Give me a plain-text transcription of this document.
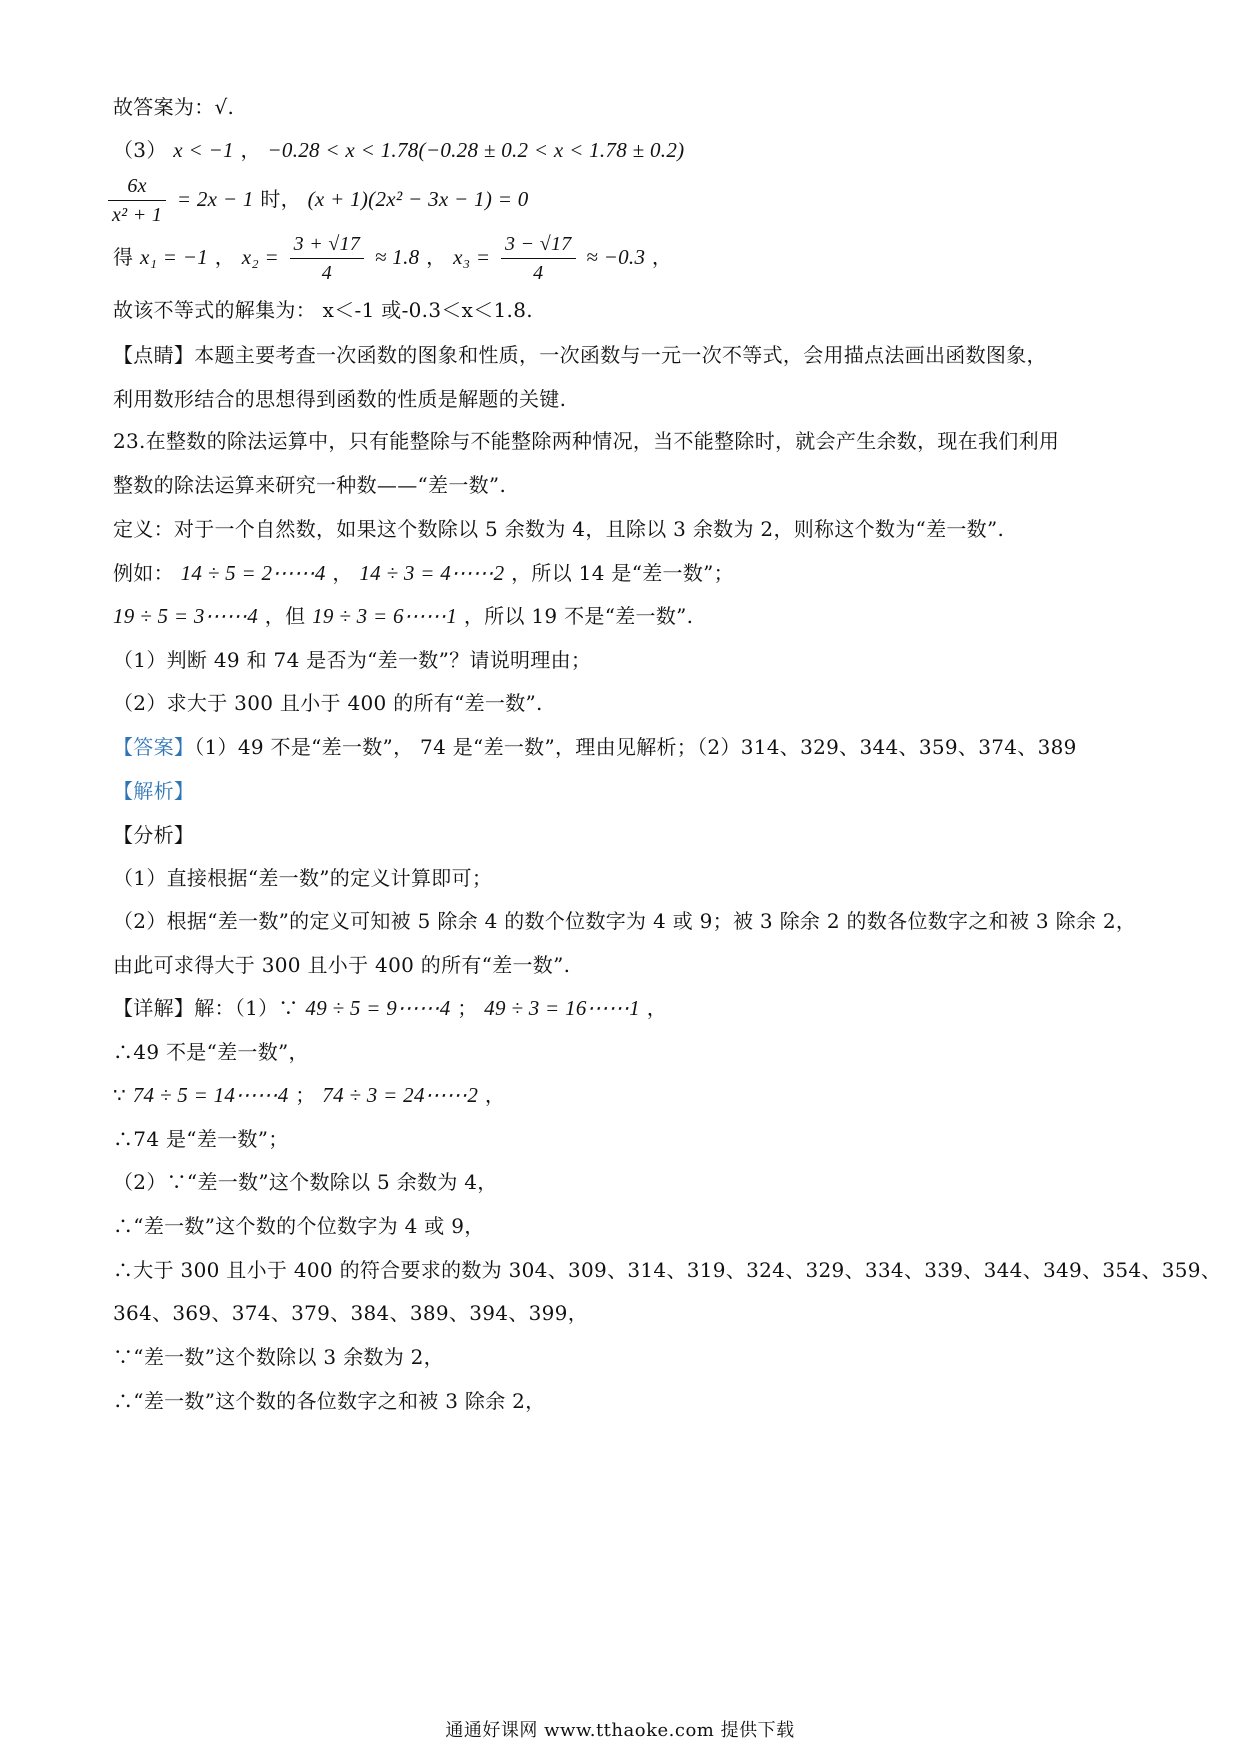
故答案为：√.
（3） x < −1 ， −0.28 < x < 1.78(−0.28 ± 0.2 < x < 1.78 ± 0.2)
$\frac{6x}{\text{x² + 1}} = 2x - 1$ 时， (x + 1)(2x² − 3x − 1) = 0
得 x₁ = −1 ， $x_2 = \frac{3 + √17}{4} \approx 1.8$ ， $x_3 = \frac{3 - √17}{4} \approx -0.3$ ，
故该不等式的解集为： x＜-1 或-0.3＜x＜1.8.
【点睛】本题主要考查一次函数的图象和性质，一次函数与一元一次不等式，会用描点法画出函数图象，
利用数形结合的思想得到函数的性质是解题的关键.
23.在整数的除法运算中，只有能整除与不能整除两种情况，当不能整除时，就会产生余数，现在我们利用
整数的除法运算来研究一种数——“差一数”.
定义：对于一个自然数，如果这个数除以 5 余数为 4，且除以 3 余数为 2，则称这个数为“差一数”.
例如： 14 ÷ 5 = 2⋯⋯4 ， 14 ÷ 3 = 4⋯⋯2 ，所以 14 是“差一数”；
19 ÷ 5 = 3⋯⋯4 ，但 19 ÷ 3 = 6⋯⋯1 ，所以 19 不是“差一数”.
（1）判断 49 和 74 是否为“差一数”？请说明理由；
（2）求大于 300 且小于 400 的所有“差一数”.
【答案】（1）49 不是“差一数”， 74 是“差一数”，理由见解析；（2）314、329、344、359、374、389
【解析】
【分析】
（1）直接根据“差一数”的定义计算即可；
（2）根据“差一数”的定义可知被 5 除余 4 的数个位数字为 4 或 9；被 3 除余 2 的数各位数字之和被 3 除余 2，
由此可求得大于 300 且小于 400 的所有“差一数”.
【详解】解：（1）∵ 49 ÷ 5 = 9⋯⋯4 ； 49 ÷ 3 = 16⋯⋯1 ，
∴49 不是“差一数”，
∵ 74 ÷ 5 = 14⋯⋯4 ； 74 ÷ 3 = 24⋯⋯2 ，
∴74 是“差一数”；
（2）∵“差一数”这个数除以 5 余数为 4，
∴“差一数”这个数的个位数字为 4 或 9，
∴大于 300 且小于 400 的符合要求的数为 304、309、314、319、324、329、334、339、344、349、354、359、
364、369、374、379、384、389、394、399，
∵“差一数”这个数除以 3 余数为 2，
∴“差一数”这个数的各位数字之和被 3 除余 2，
通通好课网 www.tthaoke.com 提供下载
